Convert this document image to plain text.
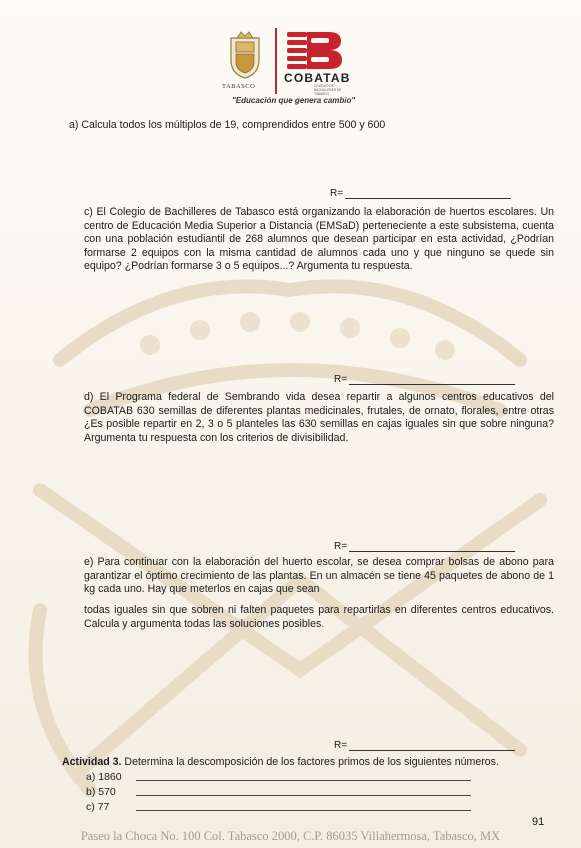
TABASCO
COBATAB
COLEGIO DE BACHILLERES DE TABASCO
"Educación que genera cambio"
a) Calcula todos los múltiplos de 19, comprendidos entre 500 y 600
R=
c) El Colegio de Bachilleres de Tabasco está organizando la elaboración de huertos escolares. Un centro de Educación Media Superior a Distancia (EMSaD) perteneciente a este subsistema, cuenta con una población estudiantil de 268 alumnos que desean participar en esta actividad, ¿Podrían formarse 2 equipos con la misma cantidad de alumnos cada uno y que ninguno se quede sin equipo? ¿Podrían formarse 3 o 5 equipos...? Argumenta tu respuesta.
R=
d) El Programa federal de Sembrando vida desea repartir a algunos centros educativos del COBATAB 630 semillas de diferentes plantas medicinales, frutales, de ornato, florales, entre otras ¿Es posible repartir en 2, 3 o 5 planteles las 630 semillas en cajas iguales sin que sobre ninguna? Argumenta tu respuesta con los criterios de divisibilidad.
R=
e) Para continuar con la elaboración del huerto escolar, se desea comprar bolsas de abono para garantizar el óptimo crecimiento de las plantas. En un almacén se tiene 45 paquetes de abono de 1 kg cada uno. Hay que meterlos en cajas que sean
todas iguales sin que sobren ni falten paquetes para repartirlas en diferentes centros educativos. Calcula y argumenta todas las soluciones posibles.
R=
Actividad 3. Determina la descomposición de los factores primos de los siguientes números.
a) 1860
b) 570
c) 77
91
Paseo la Choca No. 100 Col. Tabasco 2000, C.P. 86035 Villahermosa, Tabasco, MX
